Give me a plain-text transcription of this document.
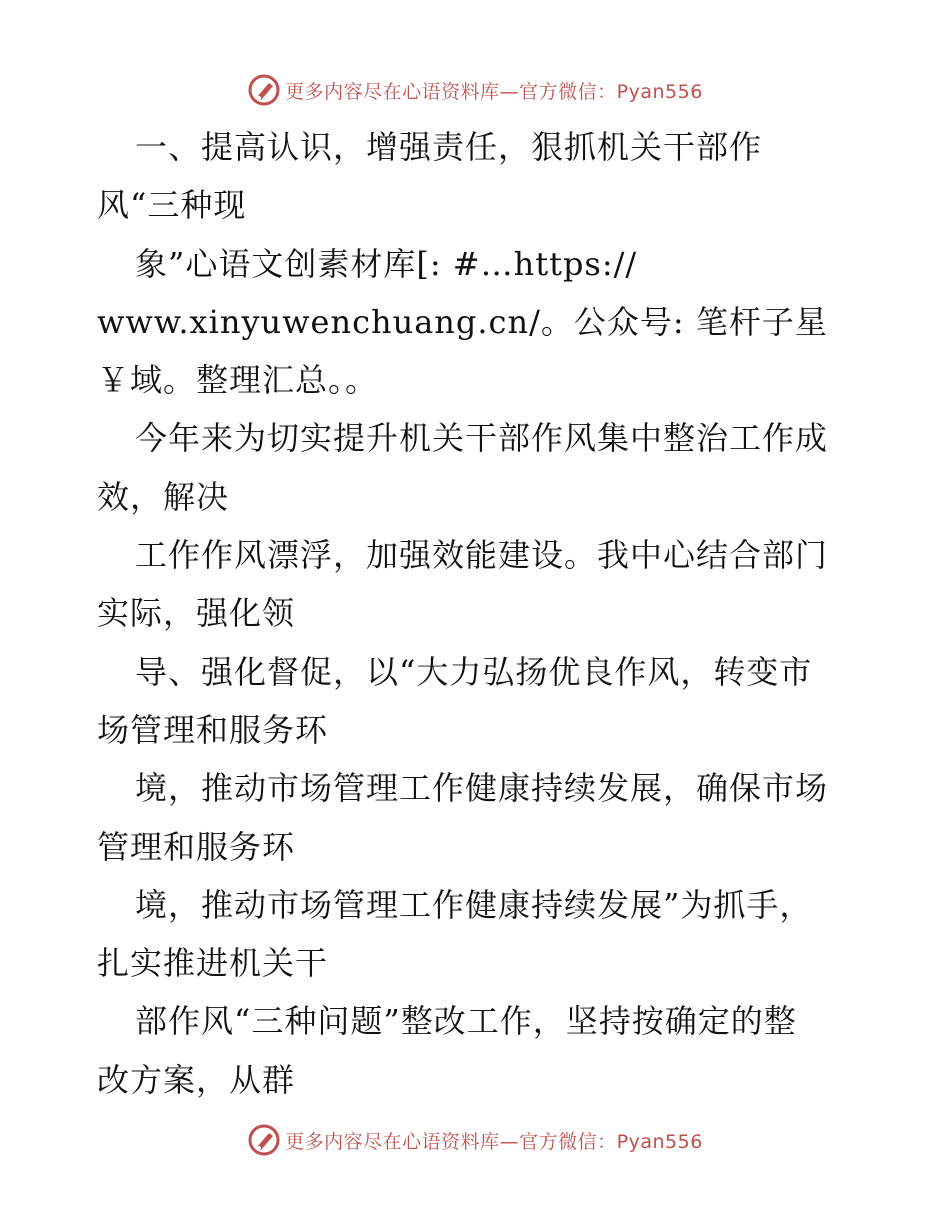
更多内容尽在心语资料库—官方微信：Pyan556
一、提高认识，增强责任，狠抓机关干部作
风“三种现
象”心语文创素材库[: #…https://
www.xinyuwenchuang.cn/。公众号: 笔杆子星
￥域。整理汇总。。
今年来为切实提升机关干部作风集中整治工作成
效，解决
工作作风漂浮，加强效能建设。我中心结合部门
实际，强化领
导、强化督促，以“大力弘扬优良作风，转变市
场管理和服务环
境，推动市场管理工作健康持续发展，确保市场
管理和服务环
境，推动市场管理工作健康持续发展”为抓手，
扎实推进机关干
部作风“三种问题”整改工作，坚持按确定的整
改方案，从群
更多内容尽在心语资料库—官方微信：Pyan556
